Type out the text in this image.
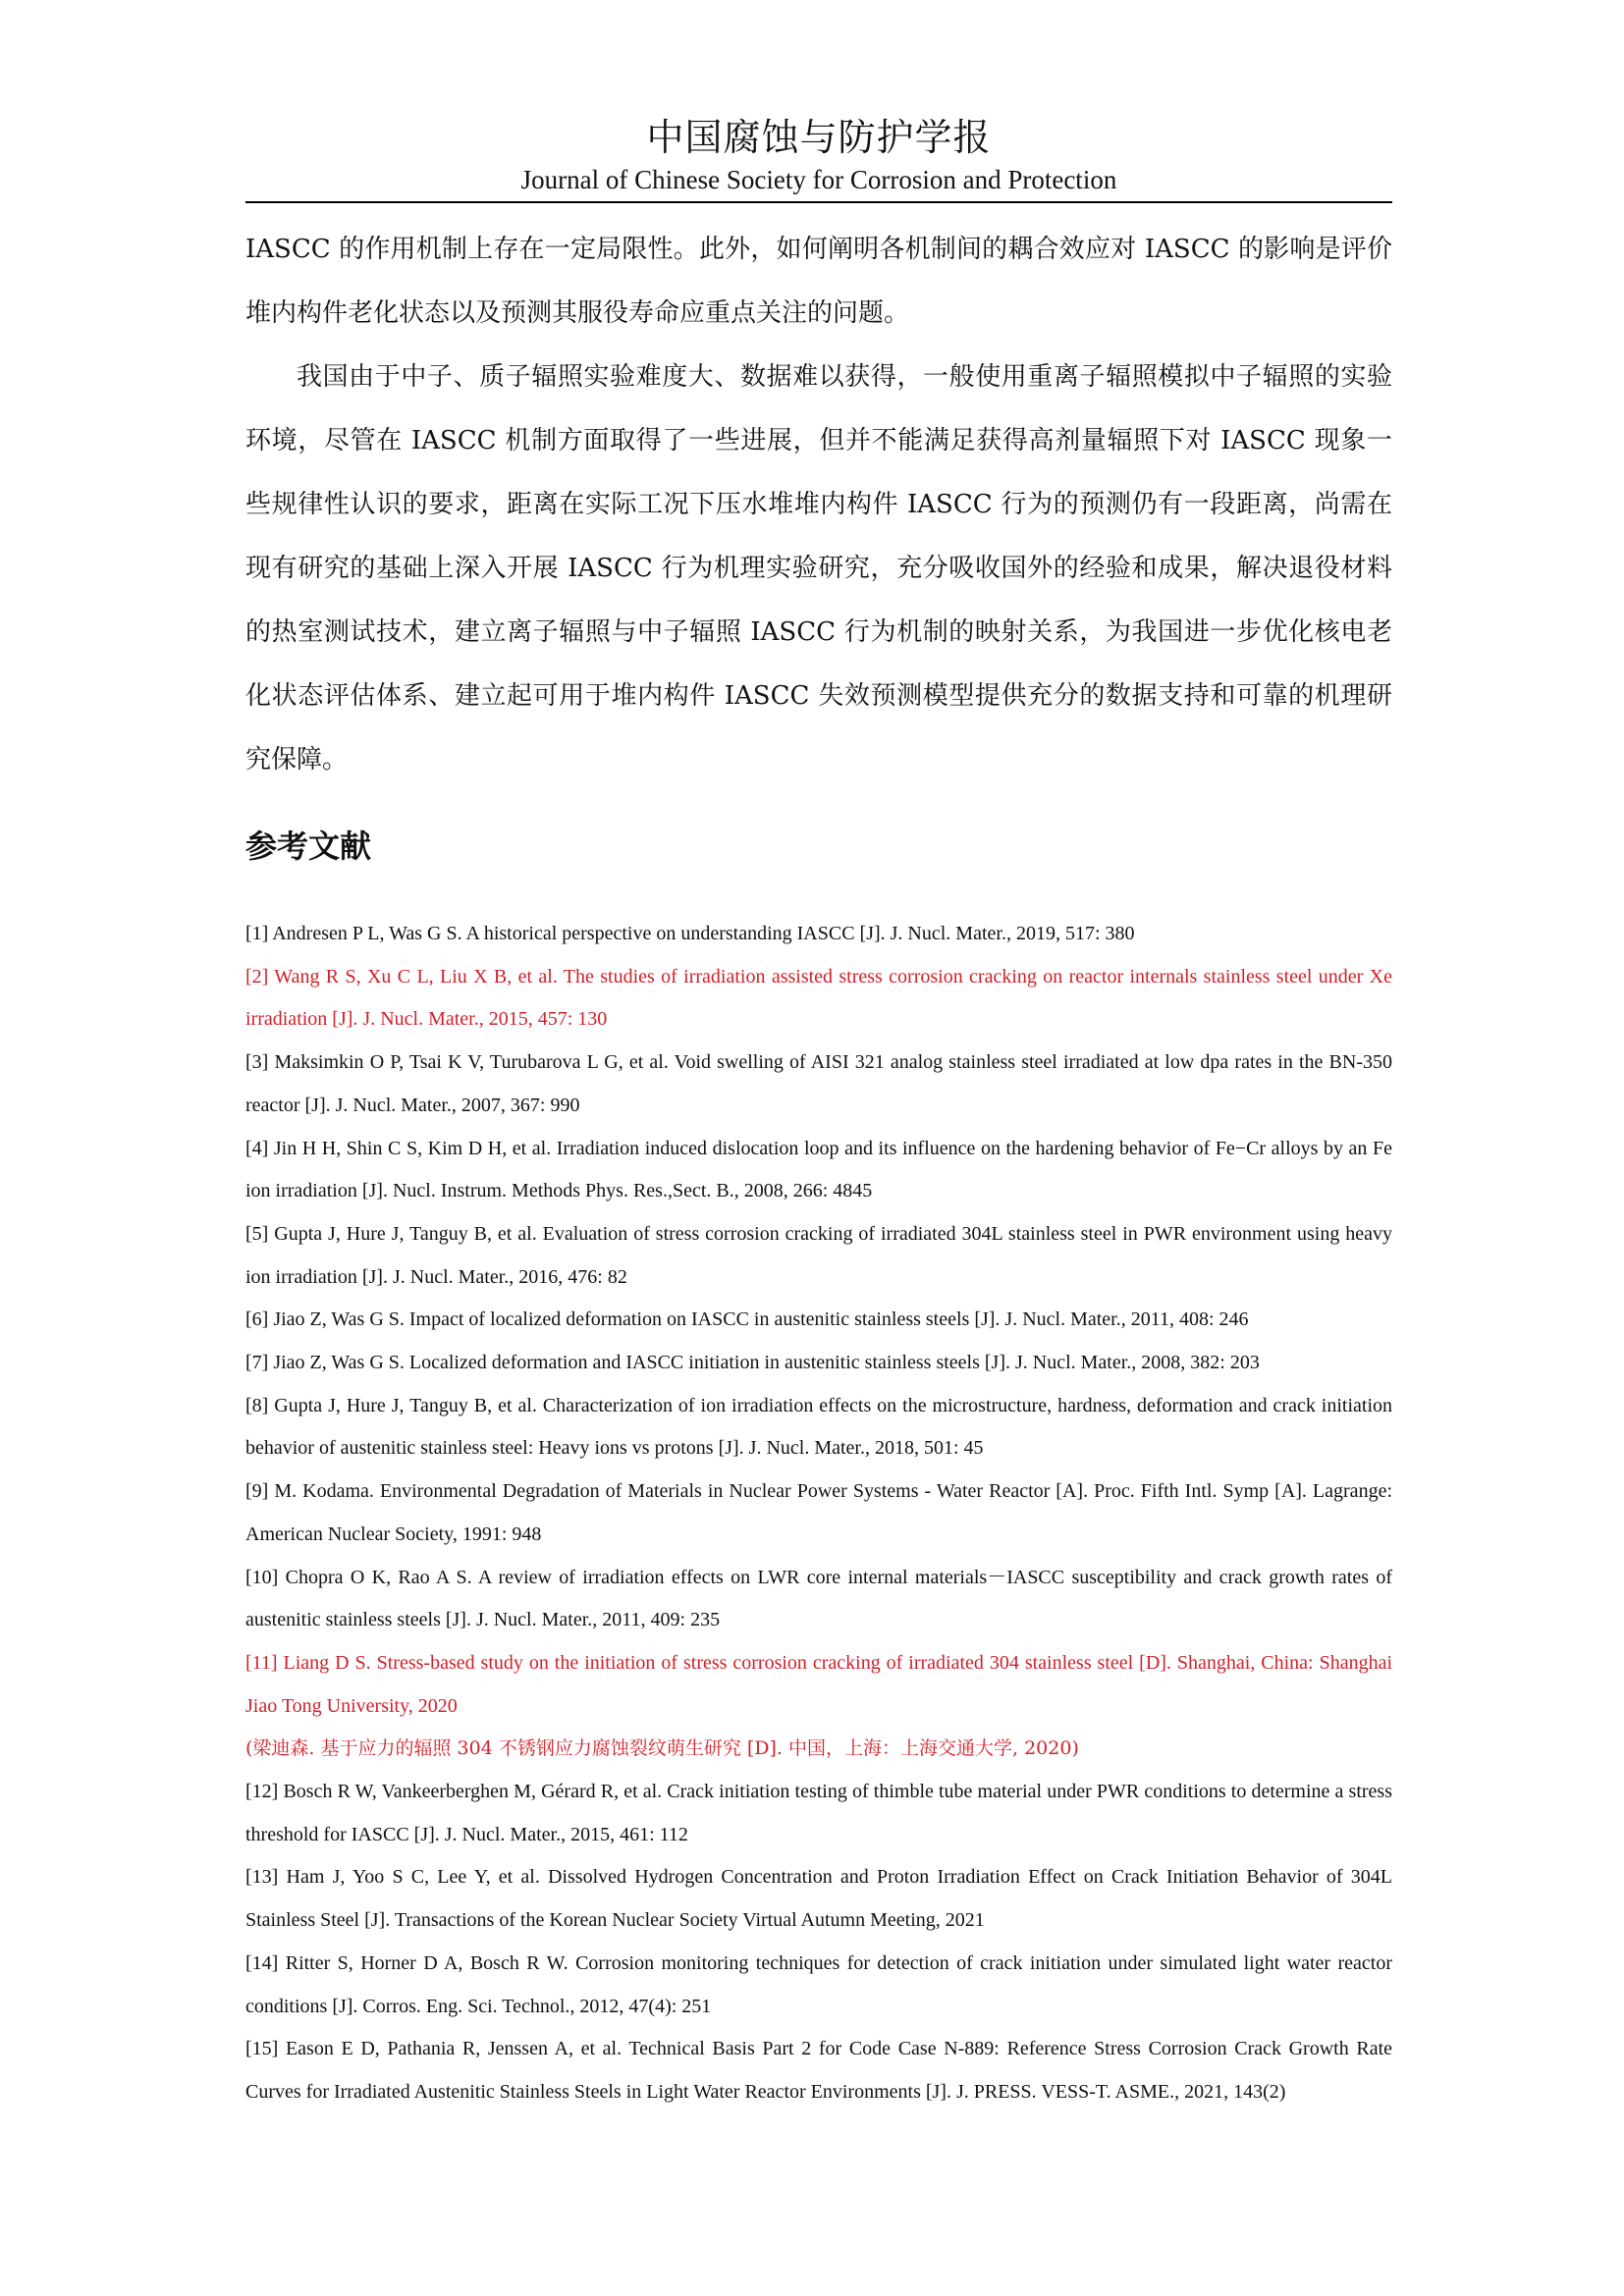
中国腐蚀与防护学报
Journal of Chinese Society for Corrosion and Protection

IASCC 的作用机制上存在一定局限性。此外，如何阐明各机制间的耦合效应对 IASCC 的影响是评价堆内构件老化状态以及预测其服役寿命应重点关注的问题。

我国由于中子、质子辐照实验难度大、数据难以获得，一般使用重离子辐照模拟中子辐照的实验环境，尽管在 IASCC 机制方面取得了一些进展，但并不能满足获得高剂量辐照下对 IASCC 现象一些规律性认识的要求，距离在实际工况下压水堆堆内构件 IASCC 行为的预测仍有一段距离，尚需在现有研究的基础上深入开展 IASCC 行为机理实验研究，充分吸收国外的经验和成果，解决退役材料的热室测试技术，建立离子辐照与中子辐照 IASCC 行为机制的映射关系，为我国进一步优化核电老化状态评估体系、建立起可用于堆内构件 IASCC 失效预测模型提供充分的数据支持和可靠的机理研究保障。

参考文献
[1] Andresen P L, Was G S. A historical perspective on understanding IASCC [J]. J. Nucl. Mater., 2019, 517: 380
[2] Wang R S, Xu C L, Liu X B, et al. The studies of irradiation assisted stress corrosion cracking on reactor internals stainless steel under Xe irradiation [J]. J. Nucl. Mater., 2015, 457: 130
[3] Maksimkin O P, Tsai K V, Turubarova L G, et al. Void swelling of AISI 321 analog stainless steel irradiated at low dpa rates in the BN-350 reactor [J]. J. Nucl. Mater., 2007, 367: 990
[4] Jin H H, Shin C S, Kim D H, et al. Irradiation induced dislocation loop and its influence on the hardening behavior of Fe−Cr alloys by an Fe ion irradiation [J]. Nucl. Instrum. Methods Phys. Res.,Sect. B., 2008, 266: 4845
[5] Gupta J, Hure J, Tanguy B, et al. Evaluation of stress corrosion cracking of irradiated 304L stainless steel in PWR environment using heavy ion irradiation [J]. J. Nucl. Mater., 2016, 476: 82
[6] Jiao Z, Was G S. Impact of localized deformation on IASCC in austenitic stainless steels [J]. J. Nucl. Mater., 2011, 408: 246
[7] Jiao Z, Was G S. Localized deformation and IASCC initiation in austenitic stainless steels [J]. J. Nucl. Mater., 2008, 382: 203
[8] Gupta J, Hure J, Tanguy B, et al. Characterization of ion irradiation effects on the microstructure, hardness, deformation and crack initiation behavior of austenitic stainless steel: Heavy ions vs protons [J]. J. Nucl. Mater., 2018, 501: 45
[9] M. Kodama. Environmental Degradation of Materials in Nuclear Power Systems - Water Reactor [A]. Proc. Fifth Intl. Symp [A]. Lagrange: American Nuclear Society, 1991: 948
[10] Chopra O K, Rao A S. A review of irradiation effects on LWR core internal materials－IASCC susceptibility and crack growth rates of austenitic stainless steels [J]. J. Nucl. Mater., 2011, 409: 235
[11] Liang D S. Stress-based study on the initiation of stress corrosion cracking of irradiated 304 stainless steel [D]. Shanghai, China: Shanghai Jiao Tong University, 2020
(梁迪森. 基于应力的辐照 304 不锈钢应力腐蚀裂纹萌生研究 [D]. 中国，上海：上海交通大学, 2020)
[12] Bosch R W, Vankeerberghen M, Gérard R, et al. Crack initiation testing of thimble tube material under PWR conditions to determine a stress threshold for IASCC [J]. J. Nucl. Mater., 2015, 461: 112
[13] Ham J, Yoo S C, Lee Y, et al. Dissolved Hydrogen Concentration and Proton Irradiation Effect on Crack Initiation Behavior of 304L Stainless Steel [J]. Transactions of the Korean Nuclear Society Virtual Autumn Meeting, 2021
[14] Ritter S, Horner D A, Bosch R W. Corrosion monitoring techniques for detection of crack initiation under simulated light water reactor conditions [J]. Corros. Eng. Sci. Technol., 2012, 47(4): 251
[15] Eason E D, Pathania R, Jenssen A, et al. Technical Basis Part 2 for Code Case N-889: Reference Stress Corrosion Crack Growth Rate Curves for Irradiated Austenitic Stainless Steels in Light Water Reactor Environments [J]. J. PRESS. VESS-T. ASME., 2021, 143(2)
